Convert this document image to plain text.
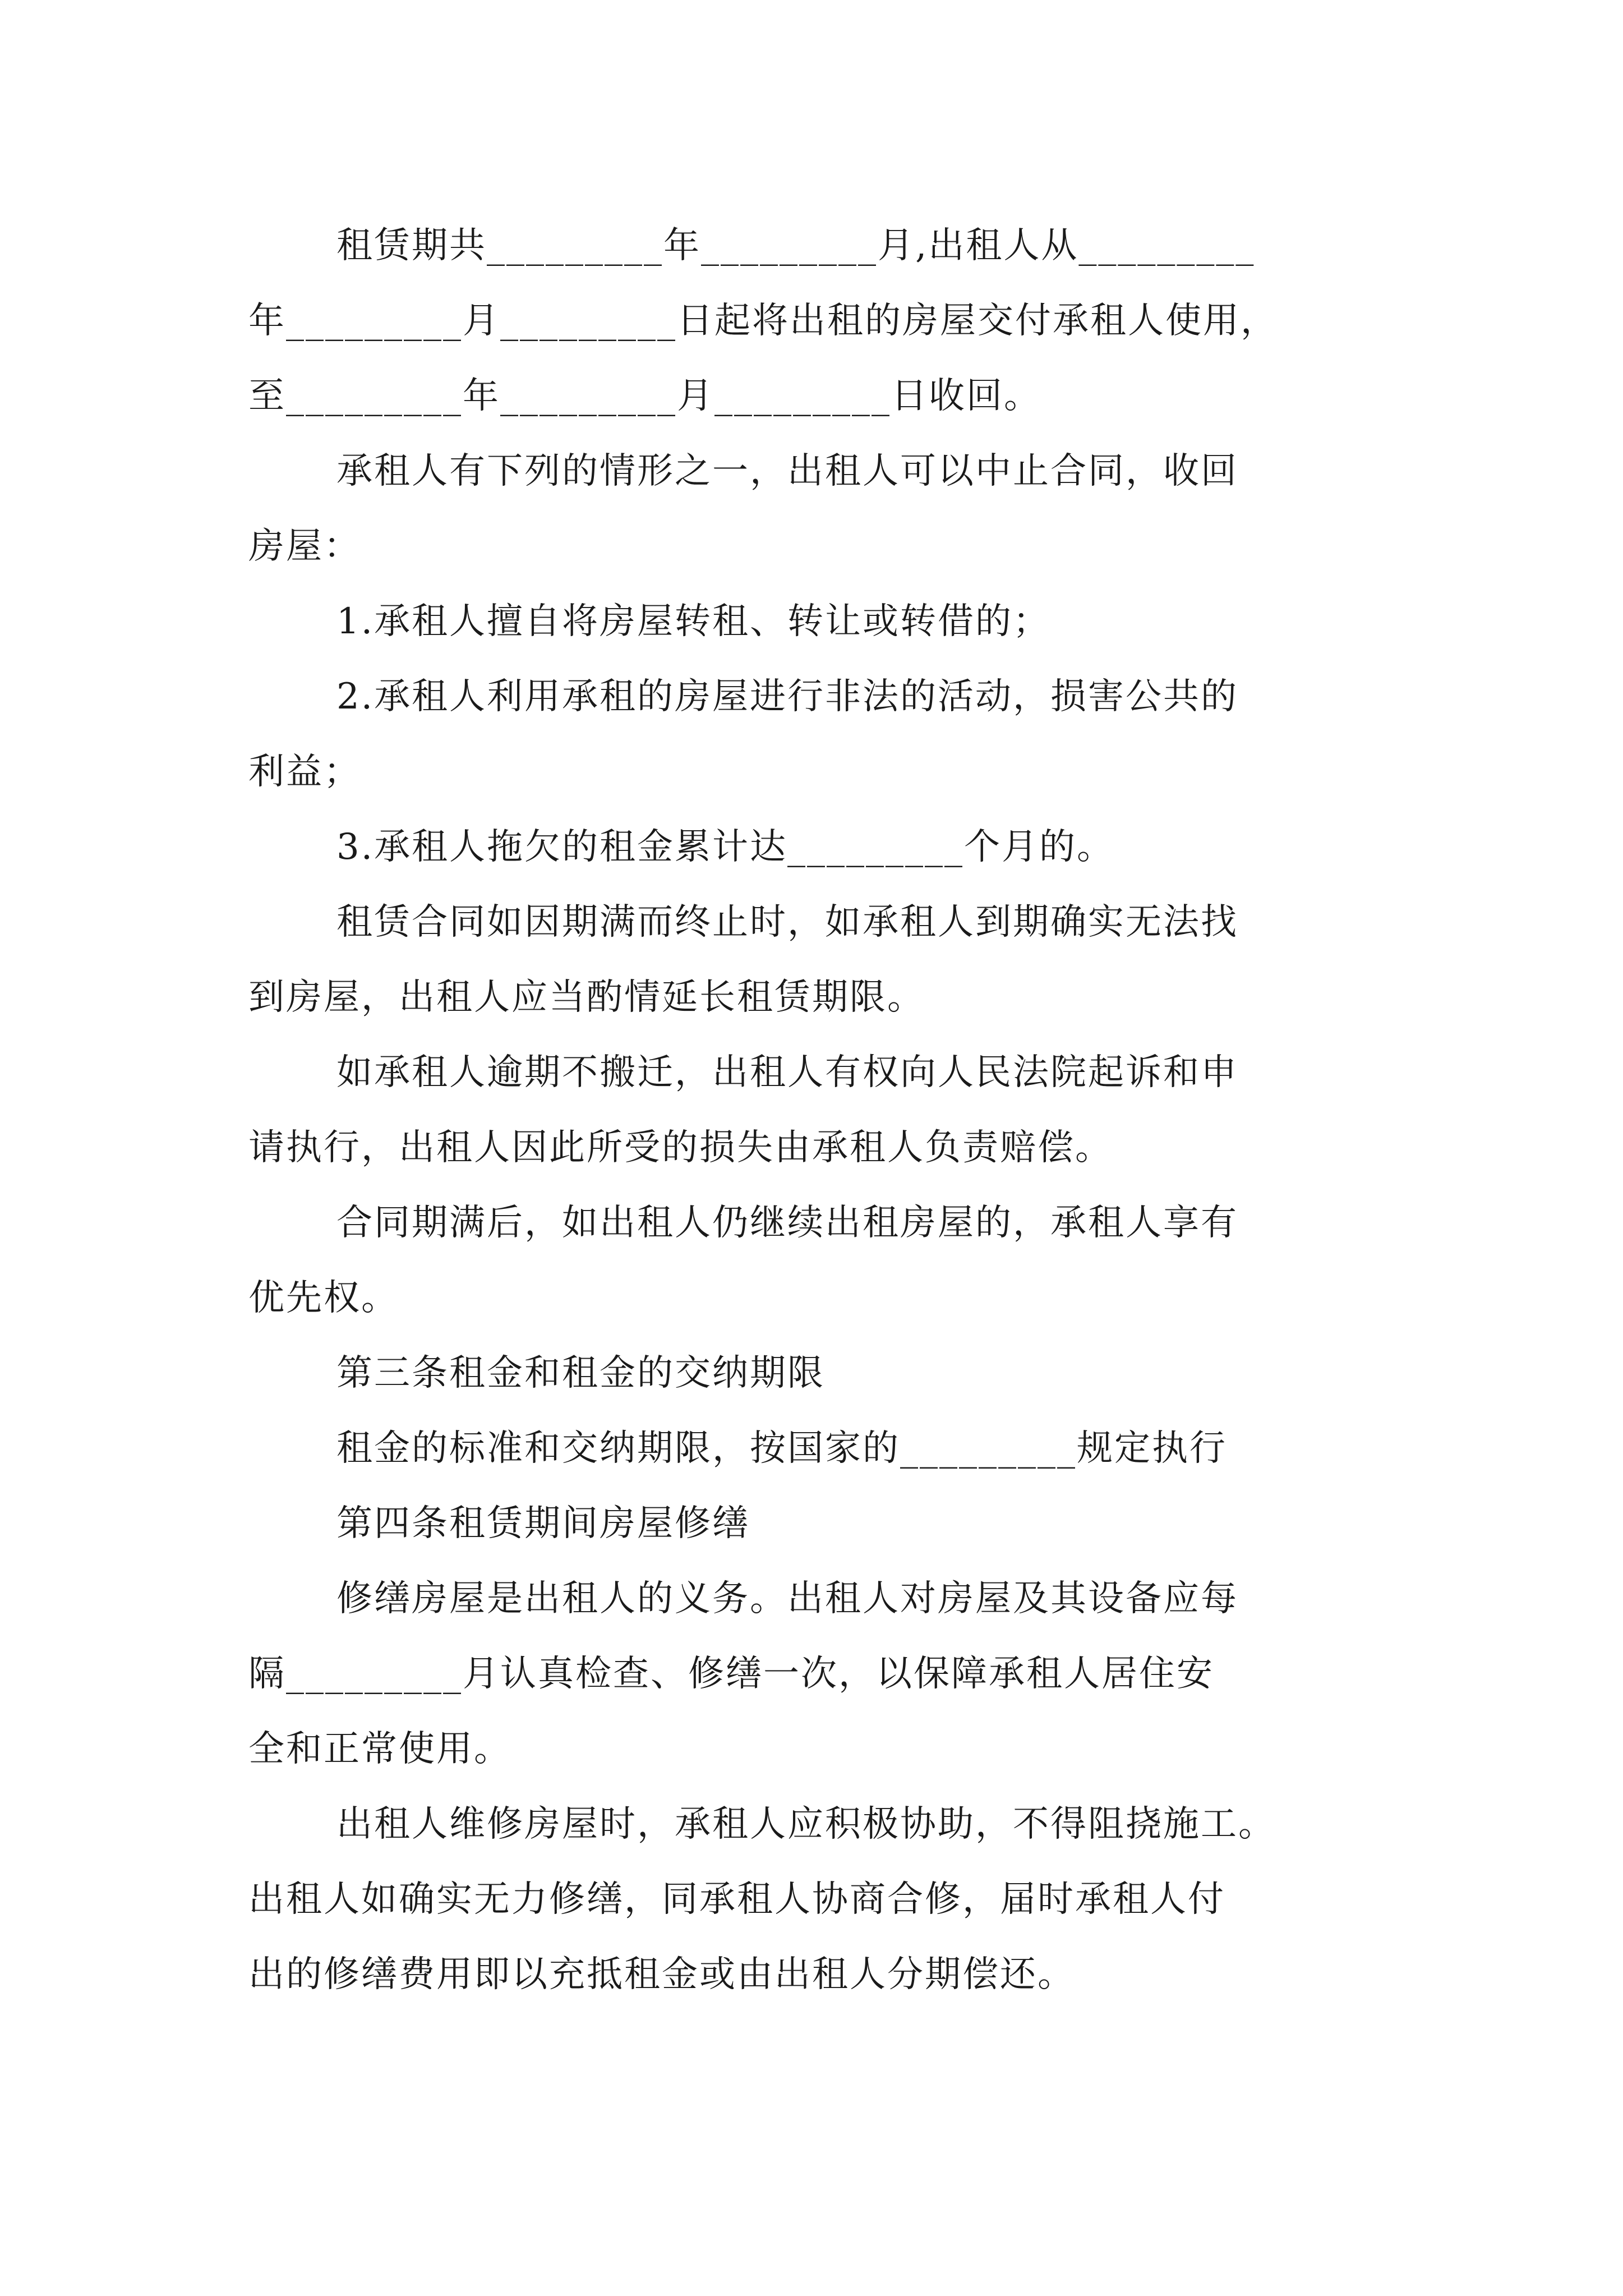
租赁期共_________年_________月,出租人从_________

年_________月_________日起将出租的房屋交付承租人使用，

至_________年_________月_________日收回。

承租人有下列的情形之一，出租人可以中止合同，收回

房屋：

1.承租人擅自将房屋转租、转让或转借的；

2.承租人利用承租的房屋进行非法的活动，损害公共的

利益；

3.承租人拖欠的租金累计达_________个月的。

租赁合同如因期满而终止时，如承租人到期确实无法找

到房屋，出租人应当酌情延长租赁期限。

如承租人逾期不搬迁，出租人有权向人民法院起诉和申

请执行，出租人因此所受的损失由承租人负责赔偿。

合同期满后，如出租人仍继续出租房屋的，承租人享有

优先权。

第三条租金和租金的交纳期限

租金的标准和交纳期限，按国家的_________规定执行

第四条租赁期间房屋修缮

修缮房屋是出租人的义务。出租人对房屋及其设备应每

隔_________月认真检查、修缮一次，以保障承租人居住安

全和正常使用。

出租人维修房屋时，承租人应积极协助，不得阻挠施工。

出租人如确实无力修缮，同承租人协商合修，届时承租人付

出的修缮费用即以充抵租金或由出租人分期偿还。
